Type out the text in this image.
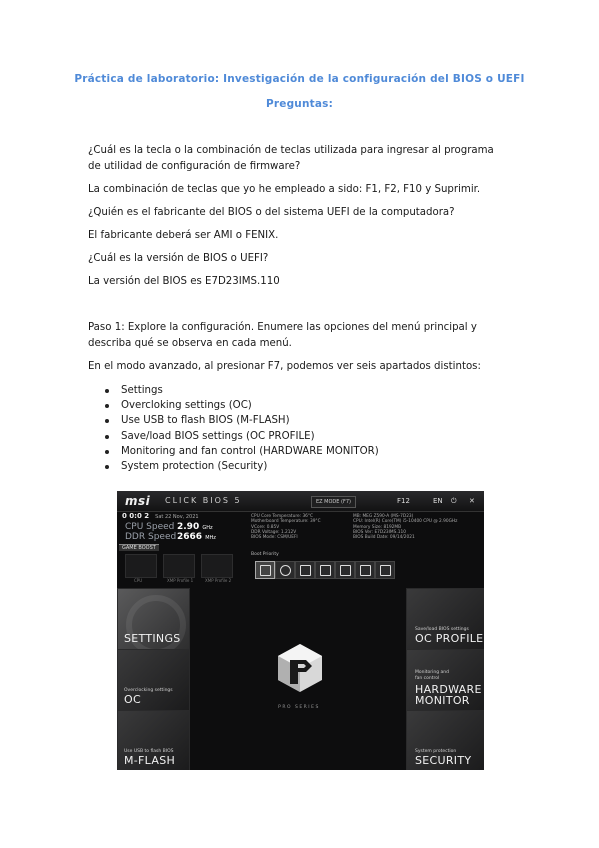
Práctica de laboratorio: Investigación de la configuración del BIOS o UEFI
Preguntas:
¿Cuál es la tecla o la combinación de teclas utilizada para ingresar al programa de utilidad de configuración de firmware?
La combinación de teclas que yo he empleado a sido: F1, F2, F10 y Suprimir.
¿Quién es el fabricante del BIOS o del sistema UEFI de la computadora?
El fabricante deberá ser AMI o FENIX.
¿Cuál es la versión de BIOS o UEFI?
La versión del BIOS es E7D23IMS.110
Paso 1: Explore la configuración. Enumere las opciones del menú principal y describa qué se observa en cada menú.
En el modo avanzado, al presionar F7, podemos ver seis apartados distintos:
Settings
Overcloking settings (OC)
Use USB to flash BIOS (M-FLASH)
Save/load BIOS settings (OC PROFILE)
Monitoring and fan control (HARDWARE MONITOR)
System protection (Security)
msi CLICK BIOS 5	EZ MODE (F7)	F12	EN ⏻ ✕
0 0:0 2 Sat 22 Nov, 2021
CPU Speed 2.90 GHz
DDR Speed 2666 MHz
CPU Core Temperature: 36°C
Motherboard Temperature: 39°C
VCore: 0.85V
DDR Voltage: 1.212V
BIOS Mode: CSM/UEFI
MB: MEG Z590-A (MS-7D23)
CPU: Intel(R) Core(TM) i5-10400 CPU @ 2.90GHz
Memory Size: 8192MB
BIOS Ver: E7D23IMS.110
BIOS Build Date: 09/14/2021
GAME BOOST
CPU	XMP Profile 1	XMP Profile 2
Boot Priority
SETTINGS
Overclocking settings
OC
Use USB to flash BIOS
M-FLASH
Save/load BIOS settings
OC PROFILE
Monitoring and
fan control
HARDWARE
MONITOR
System protection
SECURITY
PRO SERIES
